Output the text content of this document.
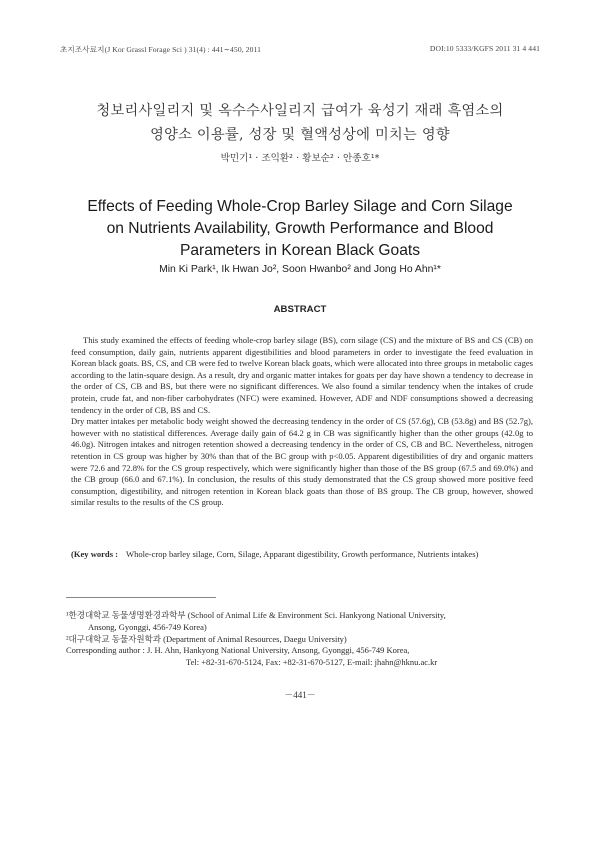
초지조사료지(J Kor Grassl Forage Sci ) 31(4) : 441∼450, 2011	DOI:10 5333/KGFS 2011 31 4 441
청보리사일리지 및 옥수수사일리지 급여가 육성기 재래 흑염소의
영양소 이용률, 성장 및 혈액성상에 미치는 영향
박민기¹ · 조익환² · 황보순² · 안종호¹*
Effects of Feeding Whole-Crop Barley Silage and Corn Silage
on Nutrients Availability, Growth Performance and Blood
Parameters in Korean Black Goats
Min Ki Park¹, Ik Hwan Jo², Soon Hwanbo² and Jong Ho Ahn¹*
ABSTRACT

This study examined the effects of feeding whole-crop barley silage (BS), corn silage (CS) and the mixture of BS and CS (CB) on feed consumption, daily gain, nutrients apparent digestibilities and blood parameters in order to investigate the feed evaluation in Korean black goats. BS, CS, and CB were fed to twelve Korean black goats, which were allocated into three groups in metabolic cages according to the latin-square design. As a result, dry and organic matter intakes for goats per day have shown a tendency to decrease in the order of CS, CB and BS, but there were no significant differences. We also found a similar tendency when the intakes of crude protein, crude fat, and non-fiber carbohydrates (NFC) were examined. However, ADF and NDF consumptions showed a decreasing tendency in the order of CB, BS and CS.

Dry matter intakes per metabolic body weight showed the decreasing tendency in the order of CS (57.6g), CB (53.8g) and BS (52.7g), however with no statistical differences. Average daily gain of 64.2 g in CB was significantly higher than the other groups (42.0g to 46.0g). Nitrogen intakes and nitrogen retention showed a decreasing tendency in the order of CS, CB and BC. Nevertheless, nitrogen retention in CS group was higher by 30% than that of the BC group with p<0.05. Apparent digestibilities of dry and organic matters were 72.6 and 72.8% for the CS group respectively, which were significantly higher than those of the BS group (67.5 and 69.0%) and the CB group (66.0 and 67.1%). In conclusion, the results of this study demonstrated that the CS group showed more positive feed consumption, digestibility, and nitrogen retention in Korean black goats than those of BS group. The CB group, however, showed similar results to the results of the CS group.

(Key words : Whole-crop barley silage, Corn, Silage, Apparant digestibility, Growth performance, Nutrients intakes)

¹한경대학교 동물생명환경과학부 (School of Animal Life & Environment Sci. Hankyong National University,

Ansong, Gyonggi, 456-749 Korea)

²대구대학교 동물자원학과 (Department of Animal Resources, Daegu University)

Corresponding author : J. H. Ahn, Hankyong National University, Ansong, Gyonggi, 456-749 Korea,

Tel: +82-31-670-5124, Fax: +82-31-670-5127, E-mail: jhahn@hknu.ac.kr

－441－
